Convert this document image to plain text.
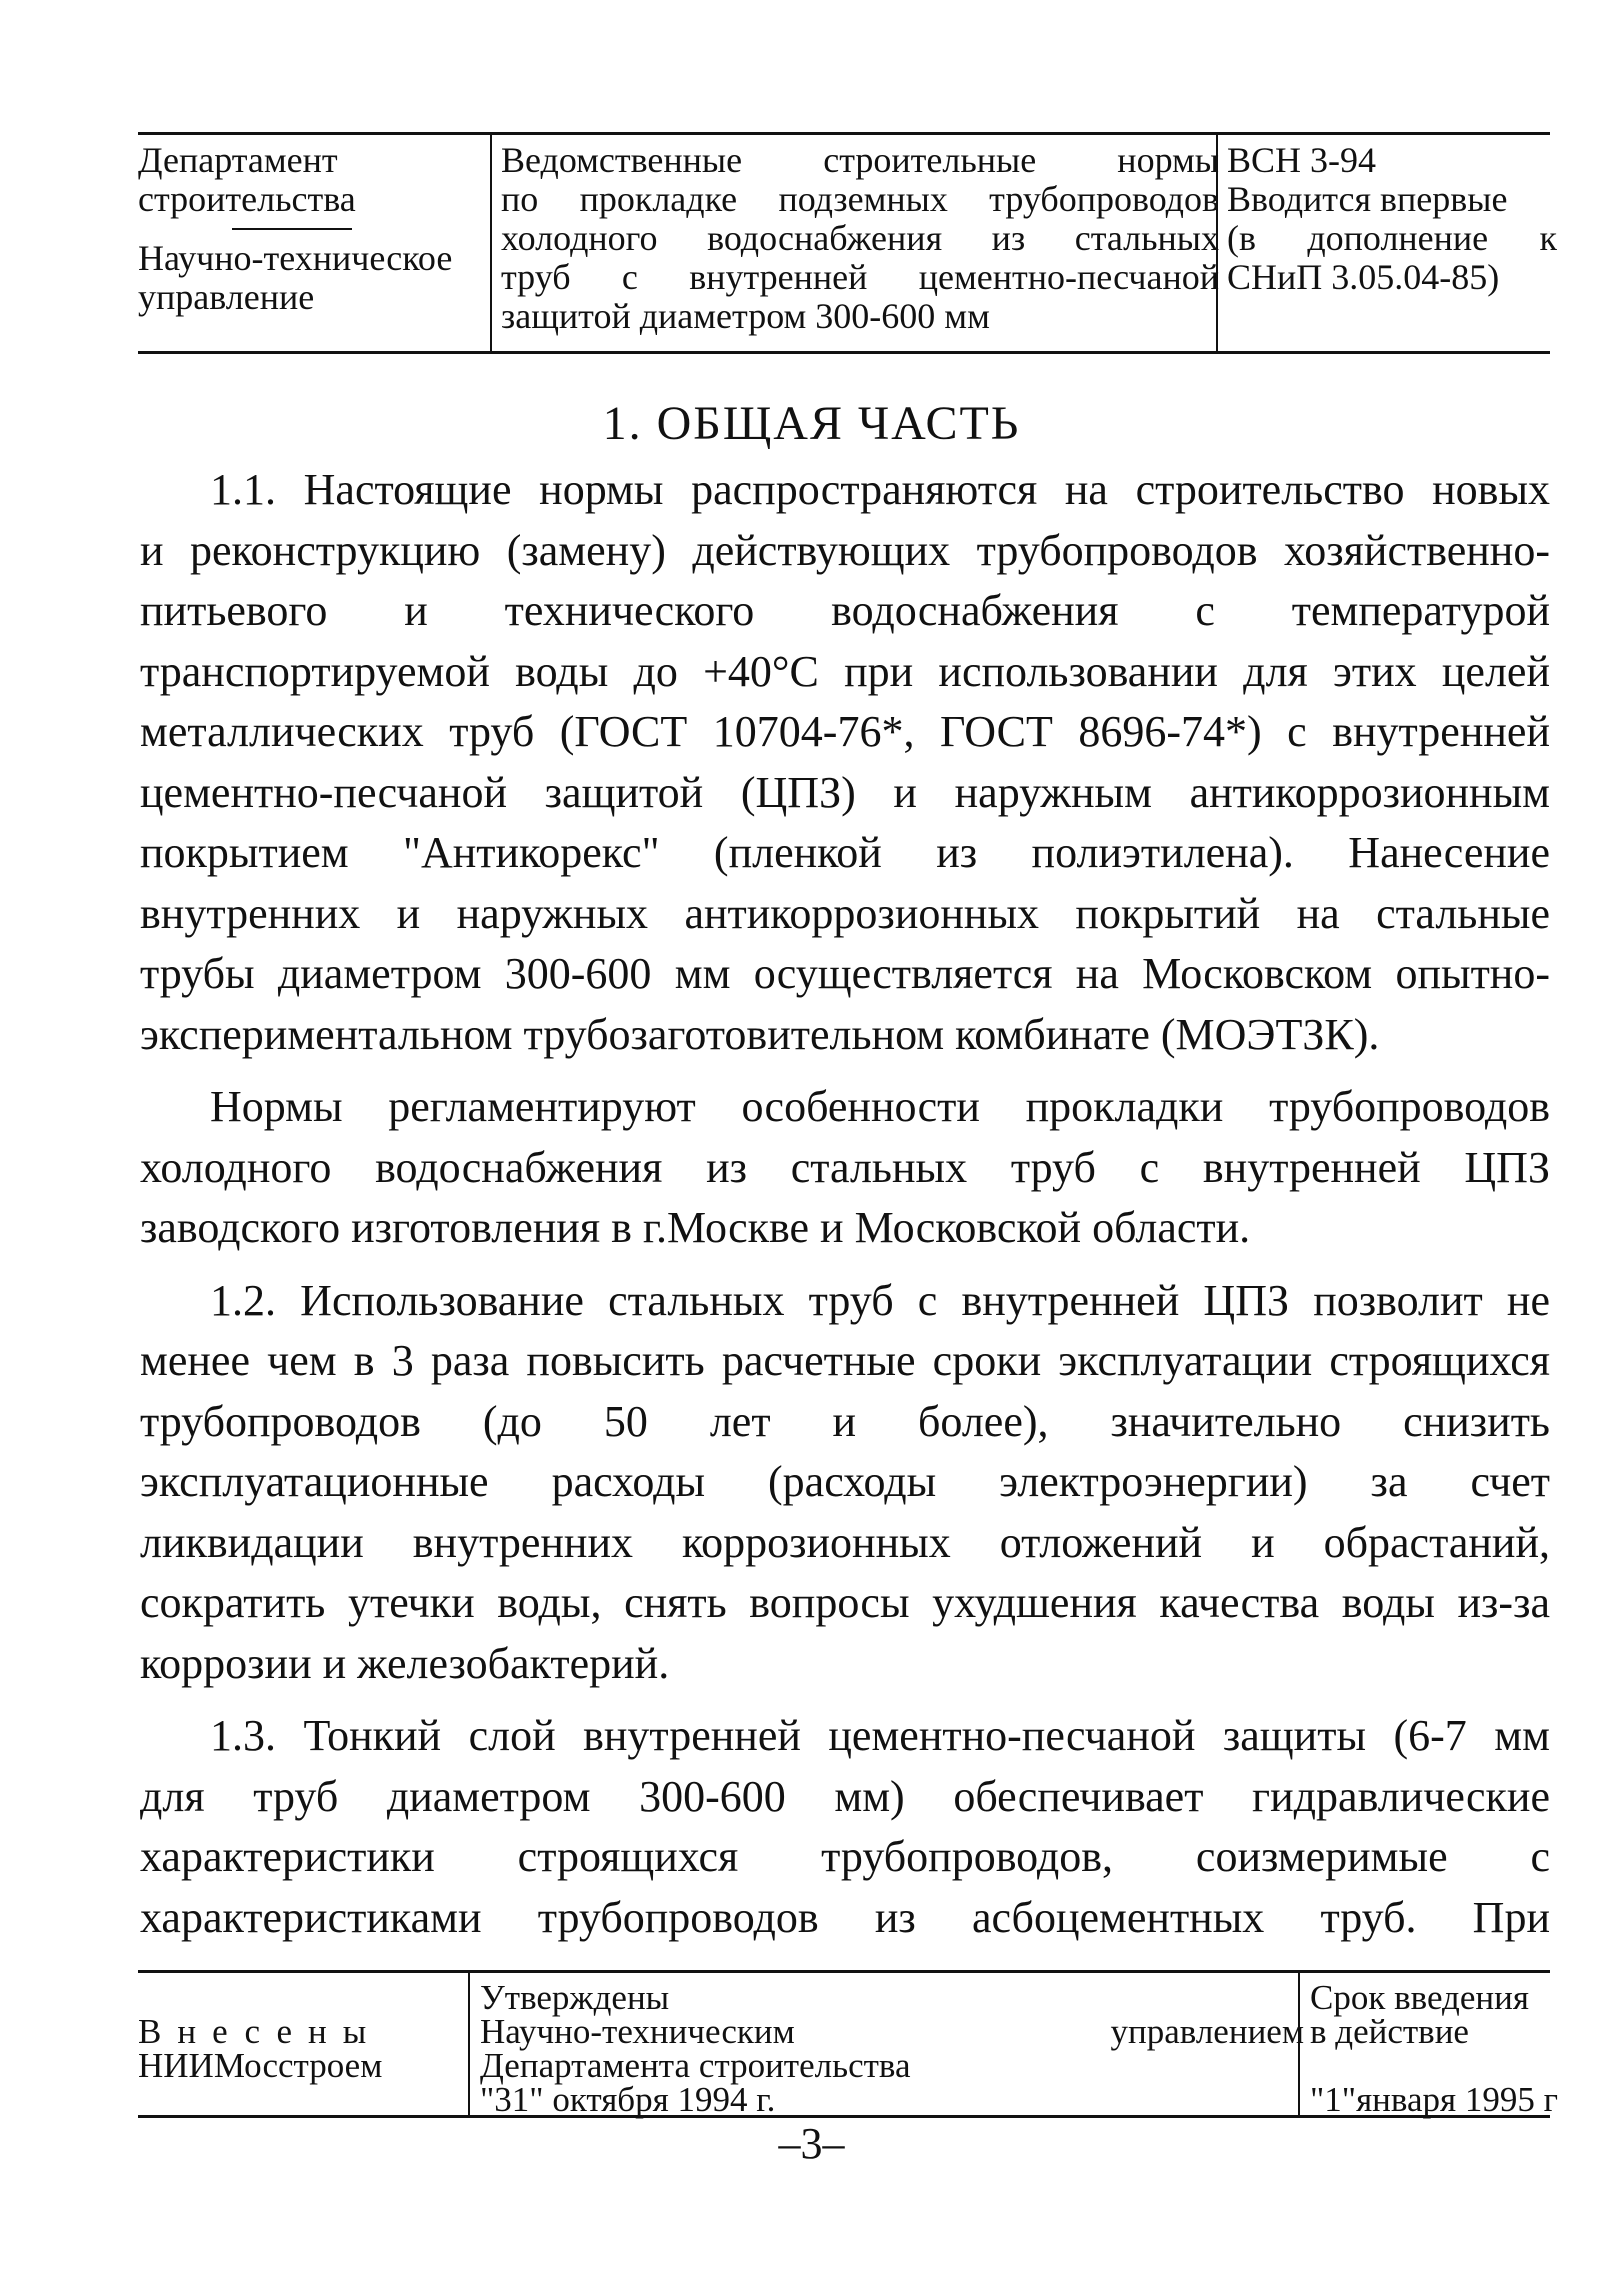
Департамент
строительства
Научно-техническое
управление
Ведомственные строительные нормы
по прокладке подземных трубопроводов
холодного водоснабжения из стальных
труб с внутренней цементно-песчаной
защитой диаметром 300-600 мм
ВСН 3-94
Вводится впервые
(в дополнение к
СНиП 3.05.04-85)
1. ОБЩАЯ ЧАСТЬ
1.1. Настоящие нормы распространяются на строительство новых
и реконструкцию (замену) действующих трубопроводов хозяйственно-
питьевого и технического водоснабжения с температурой
транспортируемой воды до +40°С при использовании для этих целей
металлических труб (ГОСТ 10704-76*, ГОСТ 8696-74*) с внутренней
цементно-песчаной защитой (ЦПЗ) и наружным антикоррозионным
покрытием "Антикорекс" (пленкой из полиэтилена). Нанесение
внутренних и наружных антикоррозионных покрытий на стальные
трубы диаметром 300-600 мм осуществляется на Московском опытно-
экспериментальном трубозаготовительном комбинате (МОЭТЗК).
Нормы регламентируют особенности прокладки трубопроводов
холодного водоснабжения из стальных труб с внутренней ЦПЗ
заводского изготовления в г.Москве и Московской области.
1.2. Использование стальных труб с внутренней ЦПЗ позволит не
менее чем в 3 раза повысить расчетные сроки эксплуатации строящихся
трубопроводов (до 50 лет и более), значительно снизить
эксплуатационные расходы (расходы электроэнергии) за счет
ликвидации внутренних коррозионных отложений и обрастаний,
сократить утечки воды, снять вопросы ухудшения качества воды из-за
коррозии и железобактерий.
1.3. Тонкий слой внутренней цементно-песчаной защиты (6-7 мм
для труб диаметром 300-600 мм) обеспечивает гидравлические
характеристики строящихся трубопроводов, соизмеримые с
характеристиками трубопроводов из асбоцементных труб. При
Внесены
НИИМосстроем
Утверждены
Научно-техническим управлением
Департамента строительства
"31" октября 1994 г.
Срок введения
в действие
"1"января 1995 г
–3–
